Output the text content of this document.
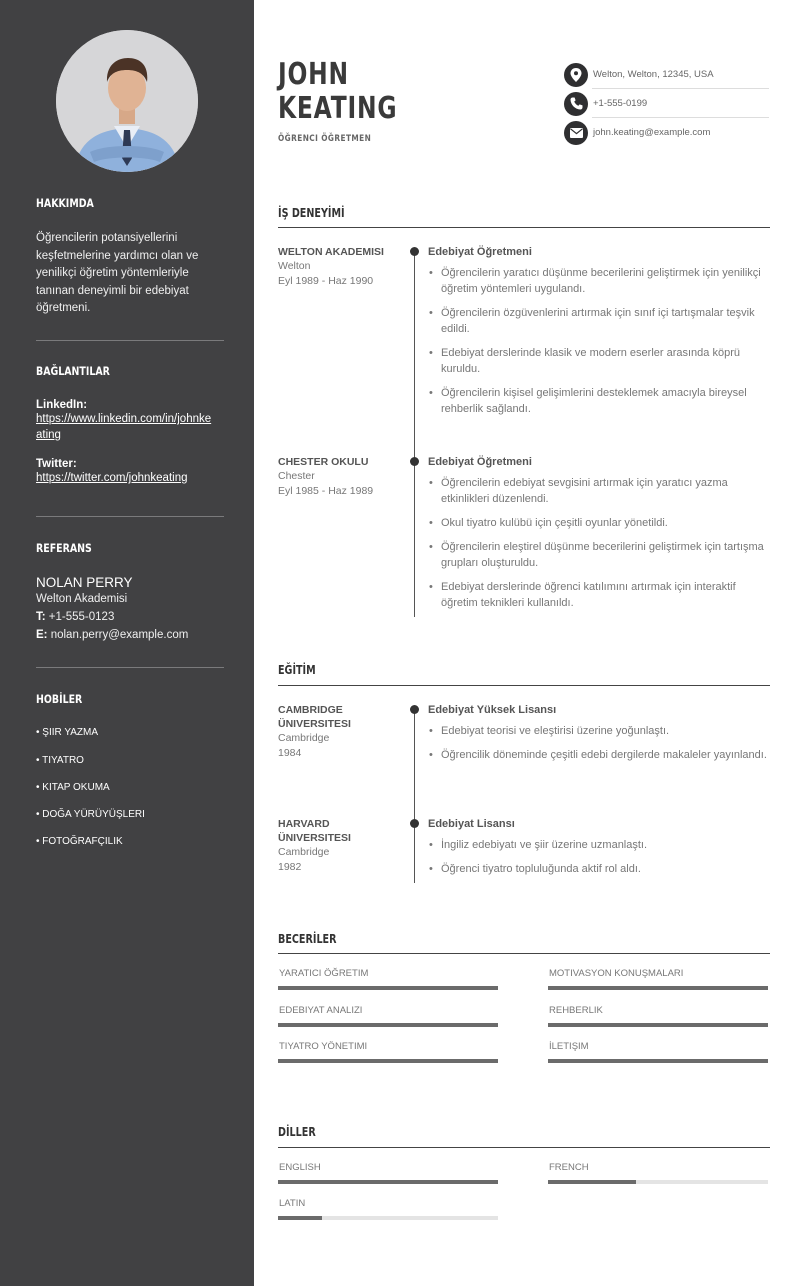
HAKKIMDA
Öğrencilerin potansiyellerini keşfetmelerine yardımcı olan ve yenilikçi öğretim yöntemleriyle tanınan deneyimli bir edebiyat öğretmeni.
BAĞLANTILAR
LinkedIn:
https://www.linkedin.com/in/johnkeating
Twitter:
https://twitter.com/johnkeating
REFERANS
NOLAN PERRY
Welton Akademisi
T: +1-555-0123
E: nolan.perry@example.com
HOBİLER
• ŞIIR YAZMA
• TIYATRO
• KITAP OKUMA
• DOĞA YÜRÜYÜŞLERI
• FOTOĞRAFÇILIK
JOHN
KEATING
ÖĞRENCI ÖĞRETMEN
Welton, Welton, 12345, USA
+1-555-0199
john.keating@example.com
İŞ DENEYİMİ
WELTON AKADEMISI
Welton
Eyl 1989 - Haz 1990
Edebiyat Öğretmeni
• Öğrencilerin yaratıcı düşünme becerilerini geliştirmek için yenilikçi öğretim yöntemleri uygulandı.
• Öğrencilerin özgüvenlerini artırmak için sınıf içi tartışmalar teşvik edildi.
• Edebiyat derslerinde klasik ve modern eserler arasında köprü kuruldu.
• Öğrencilerin kişisel gelişimlerini desteklemek amacıyla bireysel rehberlik sağlandı.
CHESTER OKULU
Chester
Eyl 1985 - Haz 1989
Edebiyat Öğretmeni
• Öğrencilerin edebiyat sevgisini artırmak için yaratıcı yazma etkinlikleri düzenlendi.
• Okul tiyatro kulübü için çeşitli oyunlar yönetildi.
• Öğrencilerin eleştirel düşünme becerilerini geliştirmek için tartışma grupları oluşturuldu.
• Edebiyat derslerinde öğrenci katılımını artırmak için interaktif öğretim teknikleri kullanıldı.
EĞİTİM
CAMBRIDGE ÜNIVERSITESI
Cambridge
1984
Edebiyat Yüksek Lisansı
• Edebiyat teorisi ve eleştirisi üzerine yoğunlaştı.
• Öğrencilik döneminde çeşitli edebi dergilerde makaleler yayınlandı.
HARVARD ÜNIVERSITESI
Cambridge
1982
Edebiyat Lisansı
• İngiliz edebiyatı ve şiir üzerine uzmanlaştı.
• Öğrenci tiyatro topluluğunda aktif rol aldı.
BECERİLER
YARATICI ÖĞRETIM	MOTIVASYON KONUŞMALARI
EDEBIYAT ANALIZI	REHBERLIK
TIYATRO YÖNETIMI	İLETIŞIM
DİLLER
ENGLISH	FRENCH
LATIN
